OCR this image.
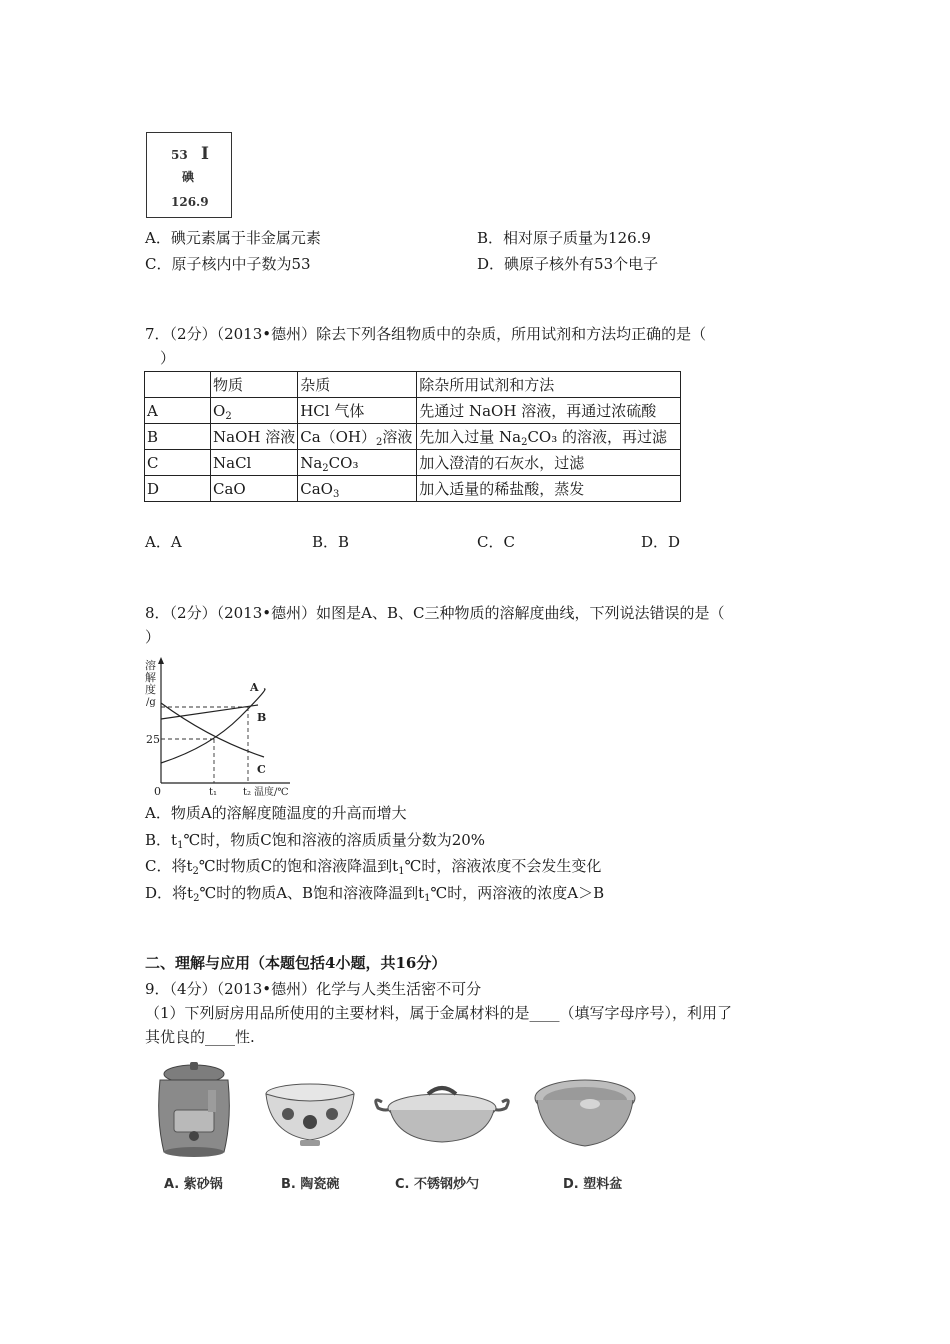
53 I
碘
126.9
A．碘元素属于非金属元素	B．相对原子质量为126.9
C．原子核内中子数为53	D．碘原子核外有53个电子
7．（2分）（2013•德州）除去下列各组物质中的杂质，所用试剂和方法均正确的是（
）
	物质	杂质	除杂所用试剂和方法
A	$O_2$	HCl 气体	先通过 NaOH 溶液，再通过浓硫酸
B	NaOH 溶液	$Ca(OH)_2$溶液	先加入过量 $Na_2CO_3$ 的溶液，再过滤
C	NaCl	$Na_2CO_3$	加入澄清的石灰水，过滤
D	CaO	CaO$_3$	加入适量的稀盐酸，蒸发
A．A	B．B	C．C	D．D
8．（2分）（2013•德州）如图是A、B、C三种物质的溶解度曲线，下列说法错误的是（
）
溶
解
度
/g
25
0	t₁	t₂ 温度/℃
A
B
C
A．物质A的溶解度随温度的升高而增大
B．$t_1℃$时，物质C饱和溶液的溶质质量分数为20%
C．将$t_2℃$时物质C的饱和溶液降温到$t_1℃$时，溶液浓度不会发生变化
D．将$t_2℃$时的物质A、B饱和溶液降温到$t_1℃$时，两溶液的浓度A＞B
二、理解与应用（本题包括4小题，共16分）
9．（4分）（2013•德州）化学与人类生活密不可分
（1）下列厨房用品所使用的主要材料，属于金属材料的是____（填写字母序号），利用了
其优良的____性.
A. 紫砂锅	B. 陶瓷碗	C. 不锈钢炒勺	D. 塑料盆
